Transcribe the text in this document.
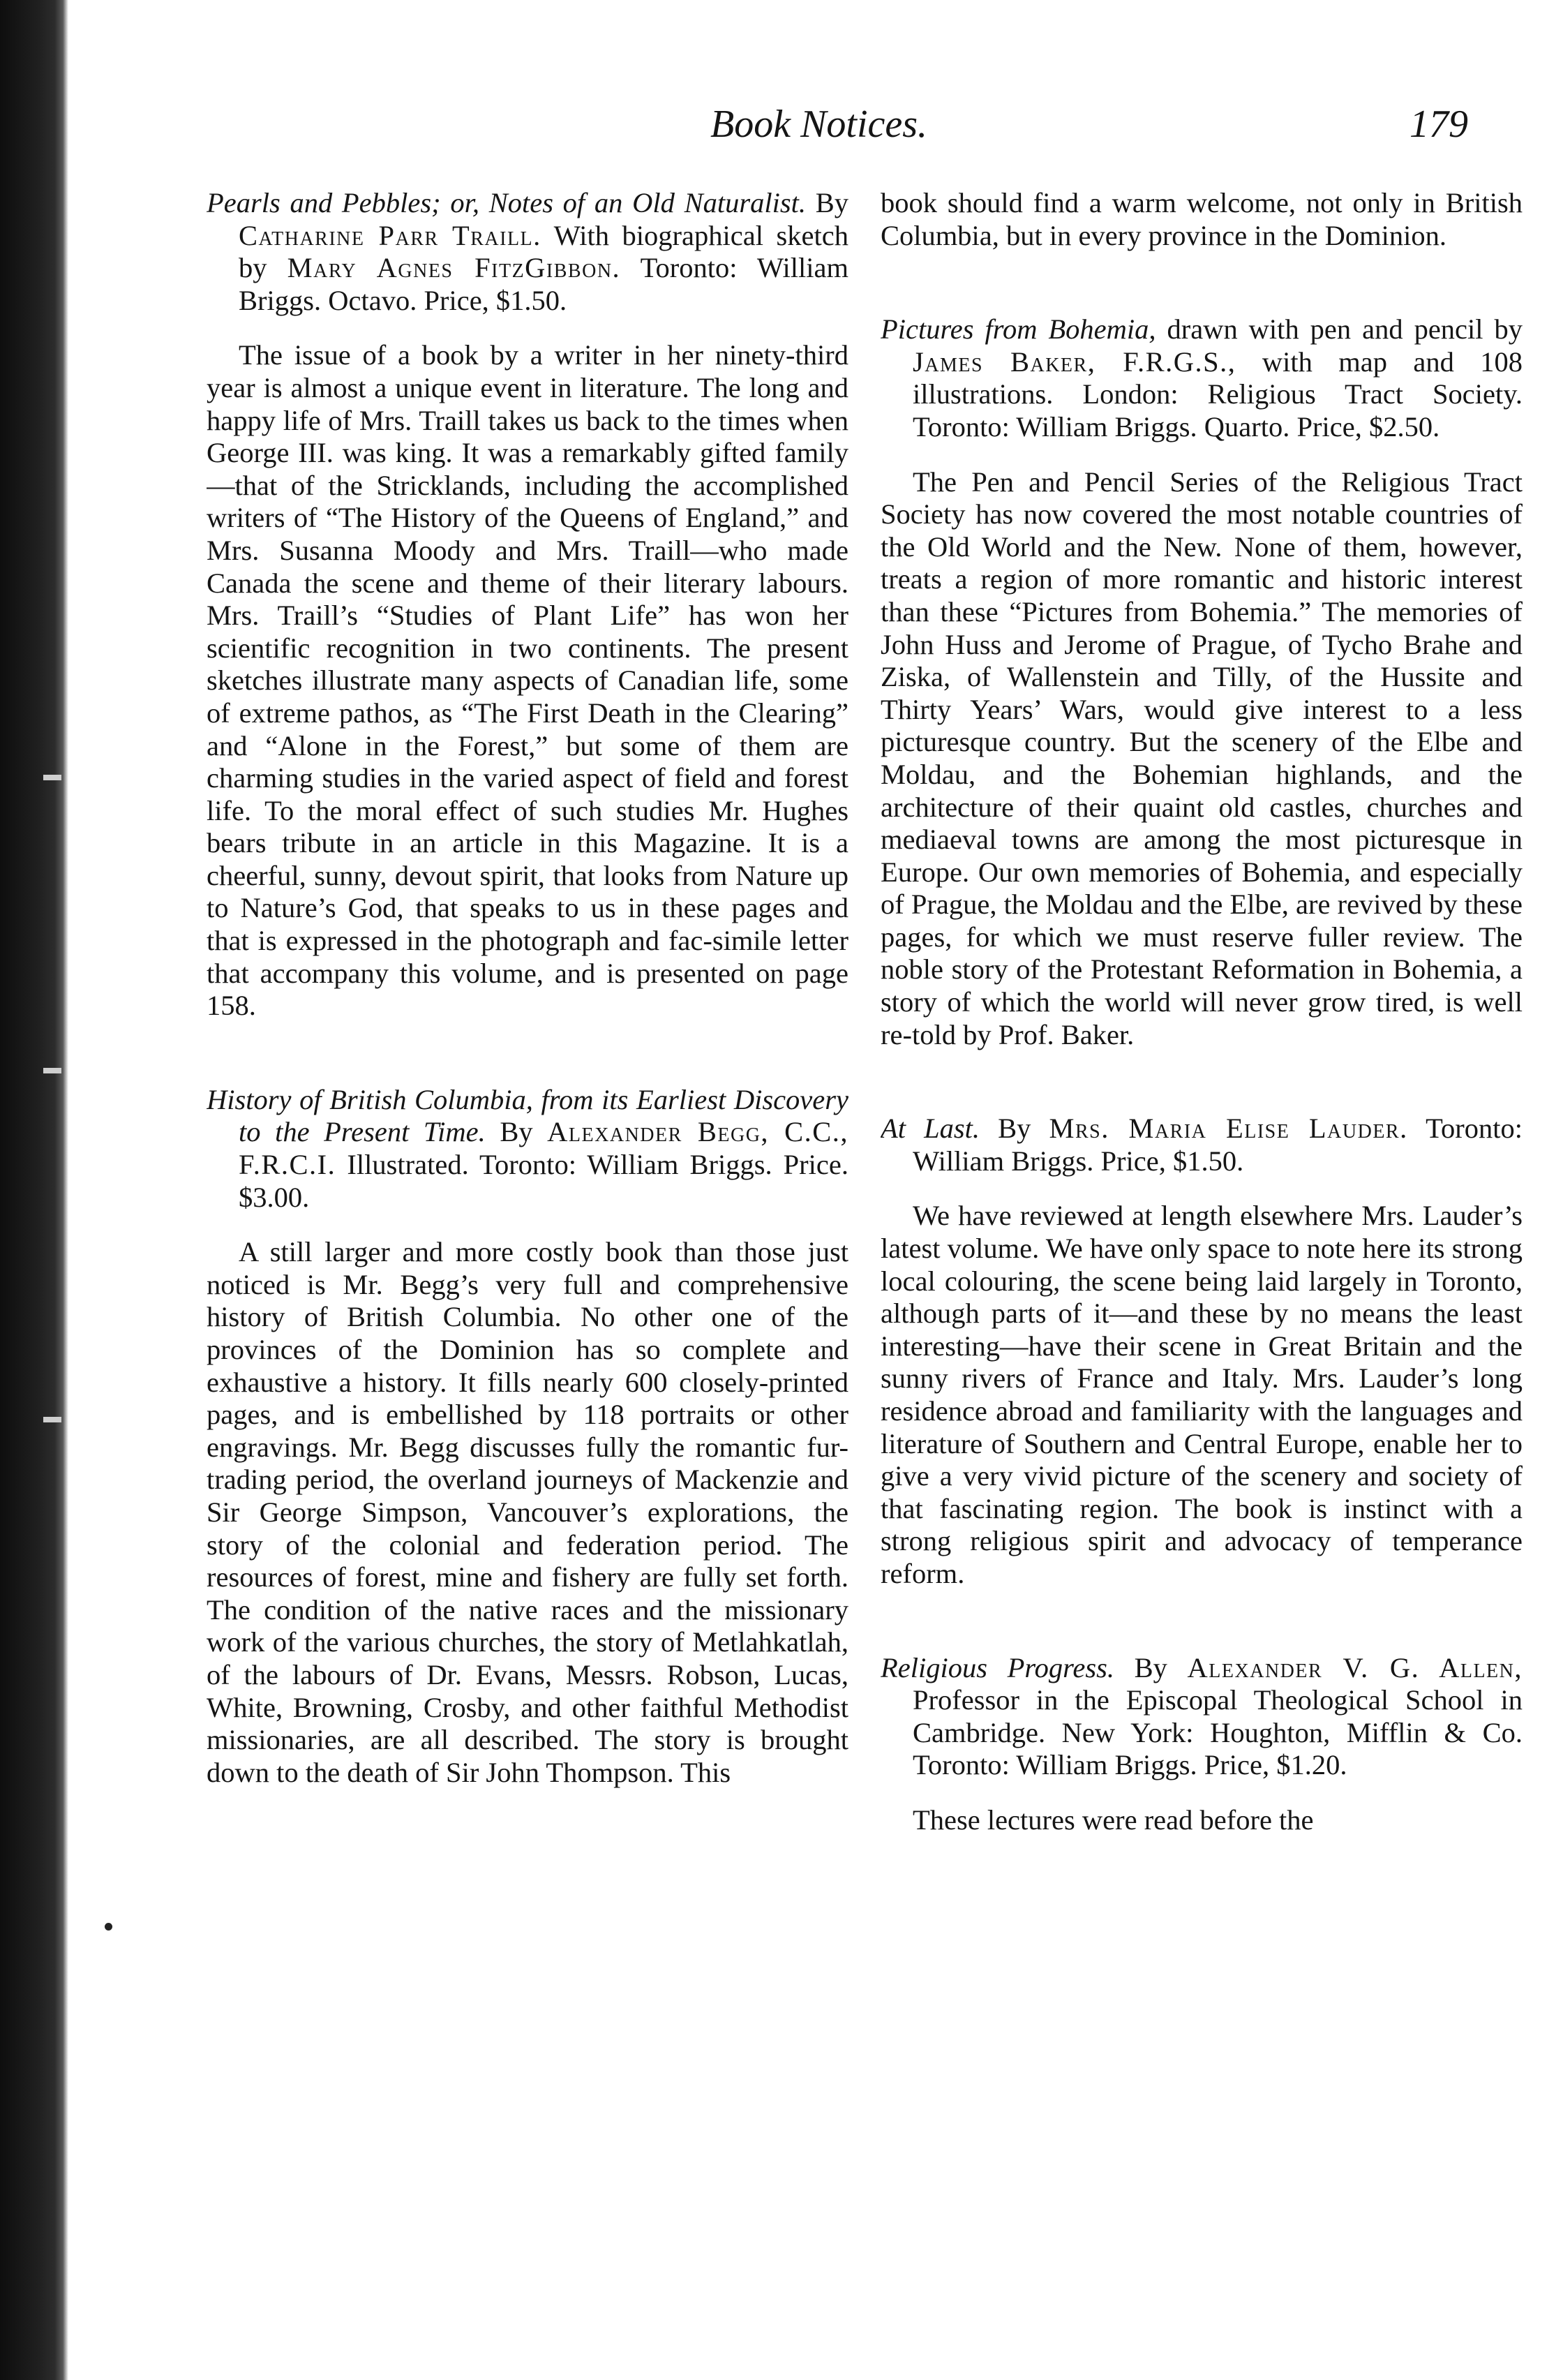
Book Notices.	179

Pearls and Pebbles; or, Notes of an Old Naturalist. By Catharine Parr Traill. With biographical sketch by Mary Agnes FitzGibbon. Toronto: William Briggs. Octavo. Price, $1.50.

The issue of a book by a writer in her ninety-third year is almost a unique event in literature. The long and happy life of Mrs. Traill takes us back to the times when George III. was king. It was a remarkably gifted family—that of the Stricklands, including the accomplished writers of “The History of the Queens of England,” and Mrs. Susanna Moody and Mrs. Traill—who made Canada the scene and theme of their literary labours. Mrs. Traill’s “Studies of Plant Life” has won her scientific recognition in two continents. The present sketches illustrate many aspects of Canadian life, some of extreme pathos, as “The First Death in the Clearing” and “Alone in the Forest,” but some of them are charming studies in the varied aspect of field and forest life. To the moral effect of such studies Mr. Hughes bears tribute in an article in this Magazine. It is a cheerful, sunny, devout spirit, that looks from Nature up to Nature’s God, that speaks to us in these pages and that is expressed in the photograph and fac-simile letter that accompany this volume, and is presented on page 158.

History of British Columbia, from its Earliest Discovery to the Present Time. By Alexander Begg, C.C., F.R.C.I. Illustrated. Toronto: William Briggs. Price. $3.00.

A still larger and more costly book than those just noticed is Mr. Begg’s very full and comprehensive history of British Columbia. No other one of the provinces of the Dominion has so complete and exhaustive a history. It fills nearly 600 closely-printed pages, and is embellished by 118 portraits or other engravings. Mr. Begg discusses fully the romantic fur-trading period, the overland journeys of Mackenzie and Sir George Simpson, Vancouver’s explorations, the story of the colonial and federation period. The resources of forest, mine and fishery are fully set forth. The condition of the native races and the missionary work of the various churches, the story of Metlahkatlah, of the labours of Dr. Evans, Messrs. Robson, Lucas, White, Browning, Crosby, and other faithful Methodist missionaries, are all described. The story is brought down to the death of Sir John Thompson. This

book should find a warm welcome, not only in British Columbia, but in every province in the Dominion.

Pictures from Bohemia, drawn with pen and pencil by James Baker, F.R.G.S., with map and 108 illustrations. London: Religious Tract Society. Toronto: William Briggs. Quarto. Price, $2.50.

The Pen and Pencil Series of the Religious Tract Society has now covered the most notable countries of the Old World and the New. None of them, however, treats a region of more romantic and historic interest than these “Pictures from Bohemia.” The memories of John Huss and Jerome of Prague, of Tycho Brahe and Ziska, of Wallenstein and Tilly, of the Hussite and Thirty Years’ Wars, would give interest to a less picturesque country. But the scenery of the Elbe and Moldau, and the Bohemian highlands, and the architecture of their quaint old castles, churches and mediaeval towns are among the most picturesque in Europe. Our own memories of Bohemia, and especially of Prague, the Moldau and the Elbe, are revived by these pages, for which we must reserve fuller review. The noble story of the Protestant Reformation in Bohemia, a story of which the world will never grow tired, is well re-told by Prof. Baker.

At Last. By Mrs. Maria Elise Lauder. Toronto: William Briggs. Price, $1.50.

We have reviewed at length elsewhere Mrs. Lauder’s latest volume. We have only space to note here its strong local colouring, the scene being laid largely in Toronto, although parts of it—and these by no means the least interesting—have their scene in Great Britain and the sunny rivers of France and Italy. Mrs. Lauder’s long residence abroad and familiarity with the languages and literature of Southern and Central Europe, enable her to give a very vivid picture of the scenery and society of that fascinating region. The book is instinct with a strong religious spirit and advocacy of temperance reform.

Religious Progress. By Alexander V. G. Allen, Professor in the Episcopal Theological School in Cambridge. New York: Houghton, Mifflin & Co. Toronto: William Briggs. Price, $1.20.

These lectures were read before the
